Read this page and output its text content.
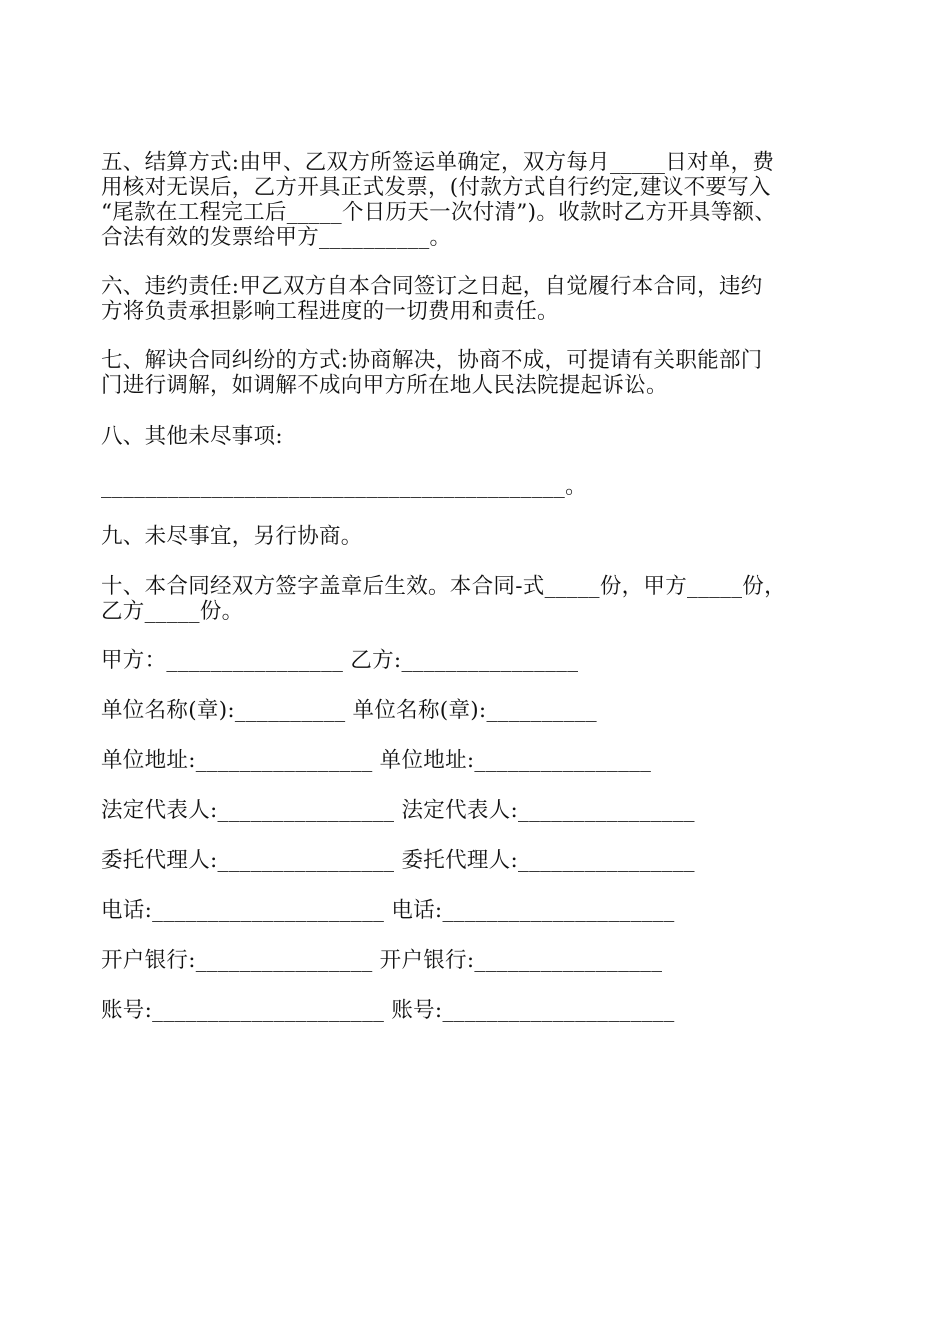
五、结算方式:由甲、乙双方所签运单确定，双方每月_____日对单，费
用核对无误后，乙方开具正式发票，(付款方式自行约定,建议不要写入
“尾款在工程完工后_____个日历天一次付清”)。收款时乙方开具等额、
合法有效的发票给甲方__________。
六、违约责任:甲乙双方自本合同签订之日起，自觉履行本合同，违约
方将负责承担影响工程进度的一切费用和责任。
七、解诀合同纠纷的方式:协商解决，协商不成，可提请有关职能部门
门进行调解，如调解不成向甲方所在地人民法院提起诉讼。
八、其他未尽事项:
__________________________________________。
九、未尽事宜，另行协商。
十、本合同经双方签字盖章后生效。本合同-式_____份，甲方_____份，
乙方_____份。
甲方：________________ 乙方:________________
单位名称(章):__________ 单位名称(章):__________
单位地址:________________ 单位地址:________________
法定代表人:________________ 法定代表人:________________
委托代理人:________________ 委托代理人:________________
电话:_____________________ 电话:_____________________
开户银行:________________ 开户银行:_________________
账号:_____________________ 账号:_____________________
